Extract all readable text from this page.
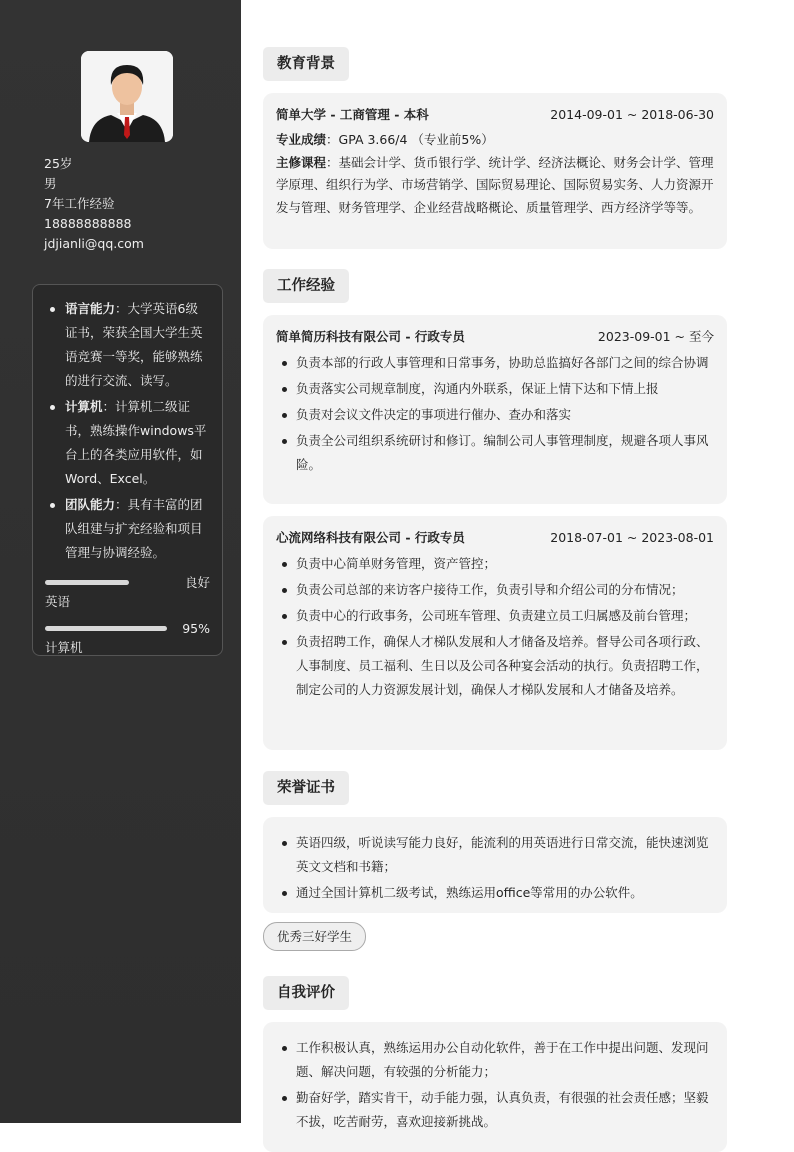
25岁
男
7年工作经验
18888888888
jdjianli@qq.com
语言能力：大学英语6级证书，荣获全国大学生英语竞赛一等奖，能够熟练的进行交流、读写。
计算机：计算机二级证书，熟练操作windows平台上的各类应用软件，如Word、Excel。
团队能力：具有丰富的团队组建与扩充经验和项目管理与协调经验。
良好
英语
95%
计算机
教育背景
简单大学 - 工商管理 - 本科	2014-09-01 ~ 2018-06-30

专业成绩：GPA 3.66/4 （专业前5%）

主修课程：基础会计学、货币银行学、统计学、经济法概论、财务会计学、管理学原理、组织行为学、市场营销学、国际贸易理论、国际贸易实务、人力资源开发与管理、财务管理学、企业经营战略概论、质量管理学、西方经济学等等。

工作经验
简单简历科技有限公司 - 行政专员	2023-09-01 ~ 至今
负责本部的行政人事管理和日常事务，协助总监搞好各部门之间的综合协调
负责落实公司规章制度，沟通内外联系，保证上情下达和下情上报
负责对会议文件决定的事项进行催办、查办和落实
负责全公司组织系统研讨和修订。编制公司人事管理制度，规避各项人事风险。
心流网络科技有限公司 - 行政专员	2018-07-01 ~ 2023-08-01
负责中心简单财务管理，资产管控；
负责公司总部的来访客户接待工作，负责引导和介绍公司的分布情况；
负责中心的行政事务，公司班车管理、负责建立员工归属感及前台管理；
负责招聘工作，确保人才梯队发展和人才储备及培养。督导公司各项行政、人事制度、员工福利、生日以及公司各种宴会活动的执行。负责招聘工作，制定公司的人力资源发展计划，确保人才梯队发展和人才储备及培养。
荣誉证书
英语四级，听说读写能力良好，能流利的用英语进行日常交流，能快速浏览英文文档和书籍；
通过全国计算机二级考试，熟练运用office等常用的办公软件。
优秀三好学生
自我评价
工作积极认真，熟练运用办公自动化软件，善于在工作中提出问题、发现问题、解决问题，有较强的分析能力；
勤奋好学，踏实肯干，动手能力强，认真负责，有很强的社会责任感；坚毅不拔，吃苦耐劳，喜欢迎接新挑战。
